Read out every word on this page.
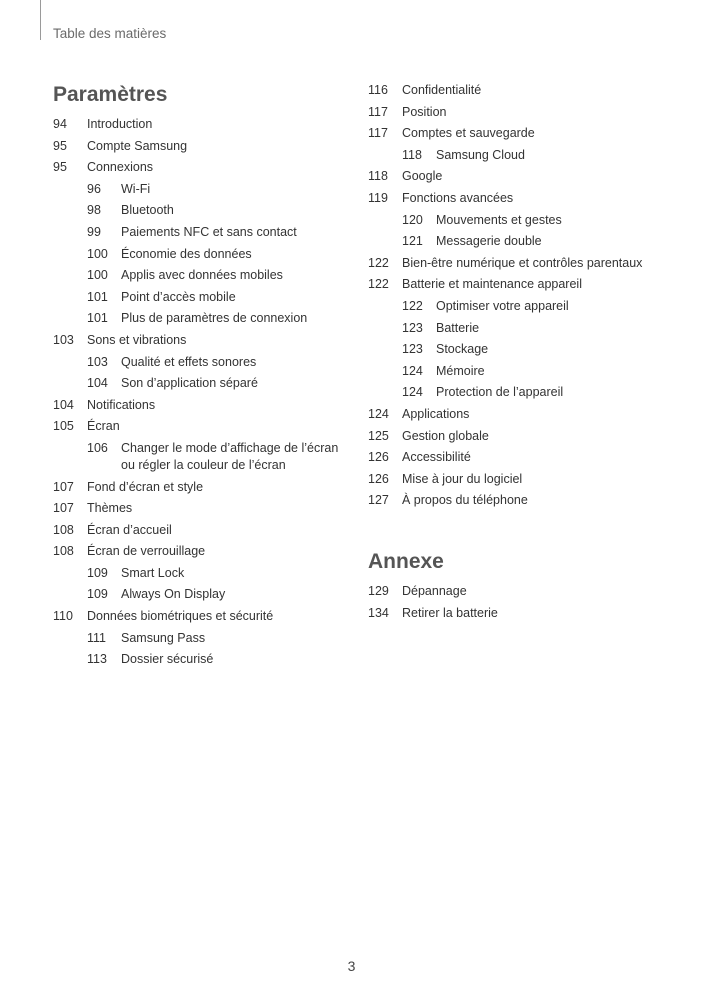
Table des matières
Paramètres
94	Introduction
95	Compte Samsung
95	Connexions
96	Wi-Fi
98	Bluetooth
99	Paiements NFC et sans contact
100	Économie des données
100	Applis avec données mobiles
101	Point d’accès mobile
101	Plus de paramètres de connexion
103	Sons et vibrations
103	Qualité et effets sonores
104	Son d’application séparé
104	Notifications
105	Écran
106	Changer le mode d’affichage de l’écran ou régler la couleur de l’écran
107	Fond d’écran et style
107	Thèmes
108	Écran d’accueil
108	Écran de verrouillage
109	Smart Lock
109	Always On Display
110	Données biométriques et sécurité
111	Samsung Pass
113	Dossier sécurisé
116	Confidentialité
117	Position
117	Comptes et sauvegarde
118	Samsung Cloud
118	Google
119	Fonctions avancées
120	Mouvements et gestes
121	Messagerie double
122	Bien-être numérique et contrôles parentaux
122	Batterie et maintenance appareil
122	Optimiser votre appareil
123	Batterie
123	Stockage
124	Mémoire
124	Protection de l’appareil
124	Applications
125	Gestion globale
126	Accessibilité
126	Mise à jour du logiciel
127	À propos du téléphone
Annexe
129	Dépannage
134	Retirer la batterie
3
